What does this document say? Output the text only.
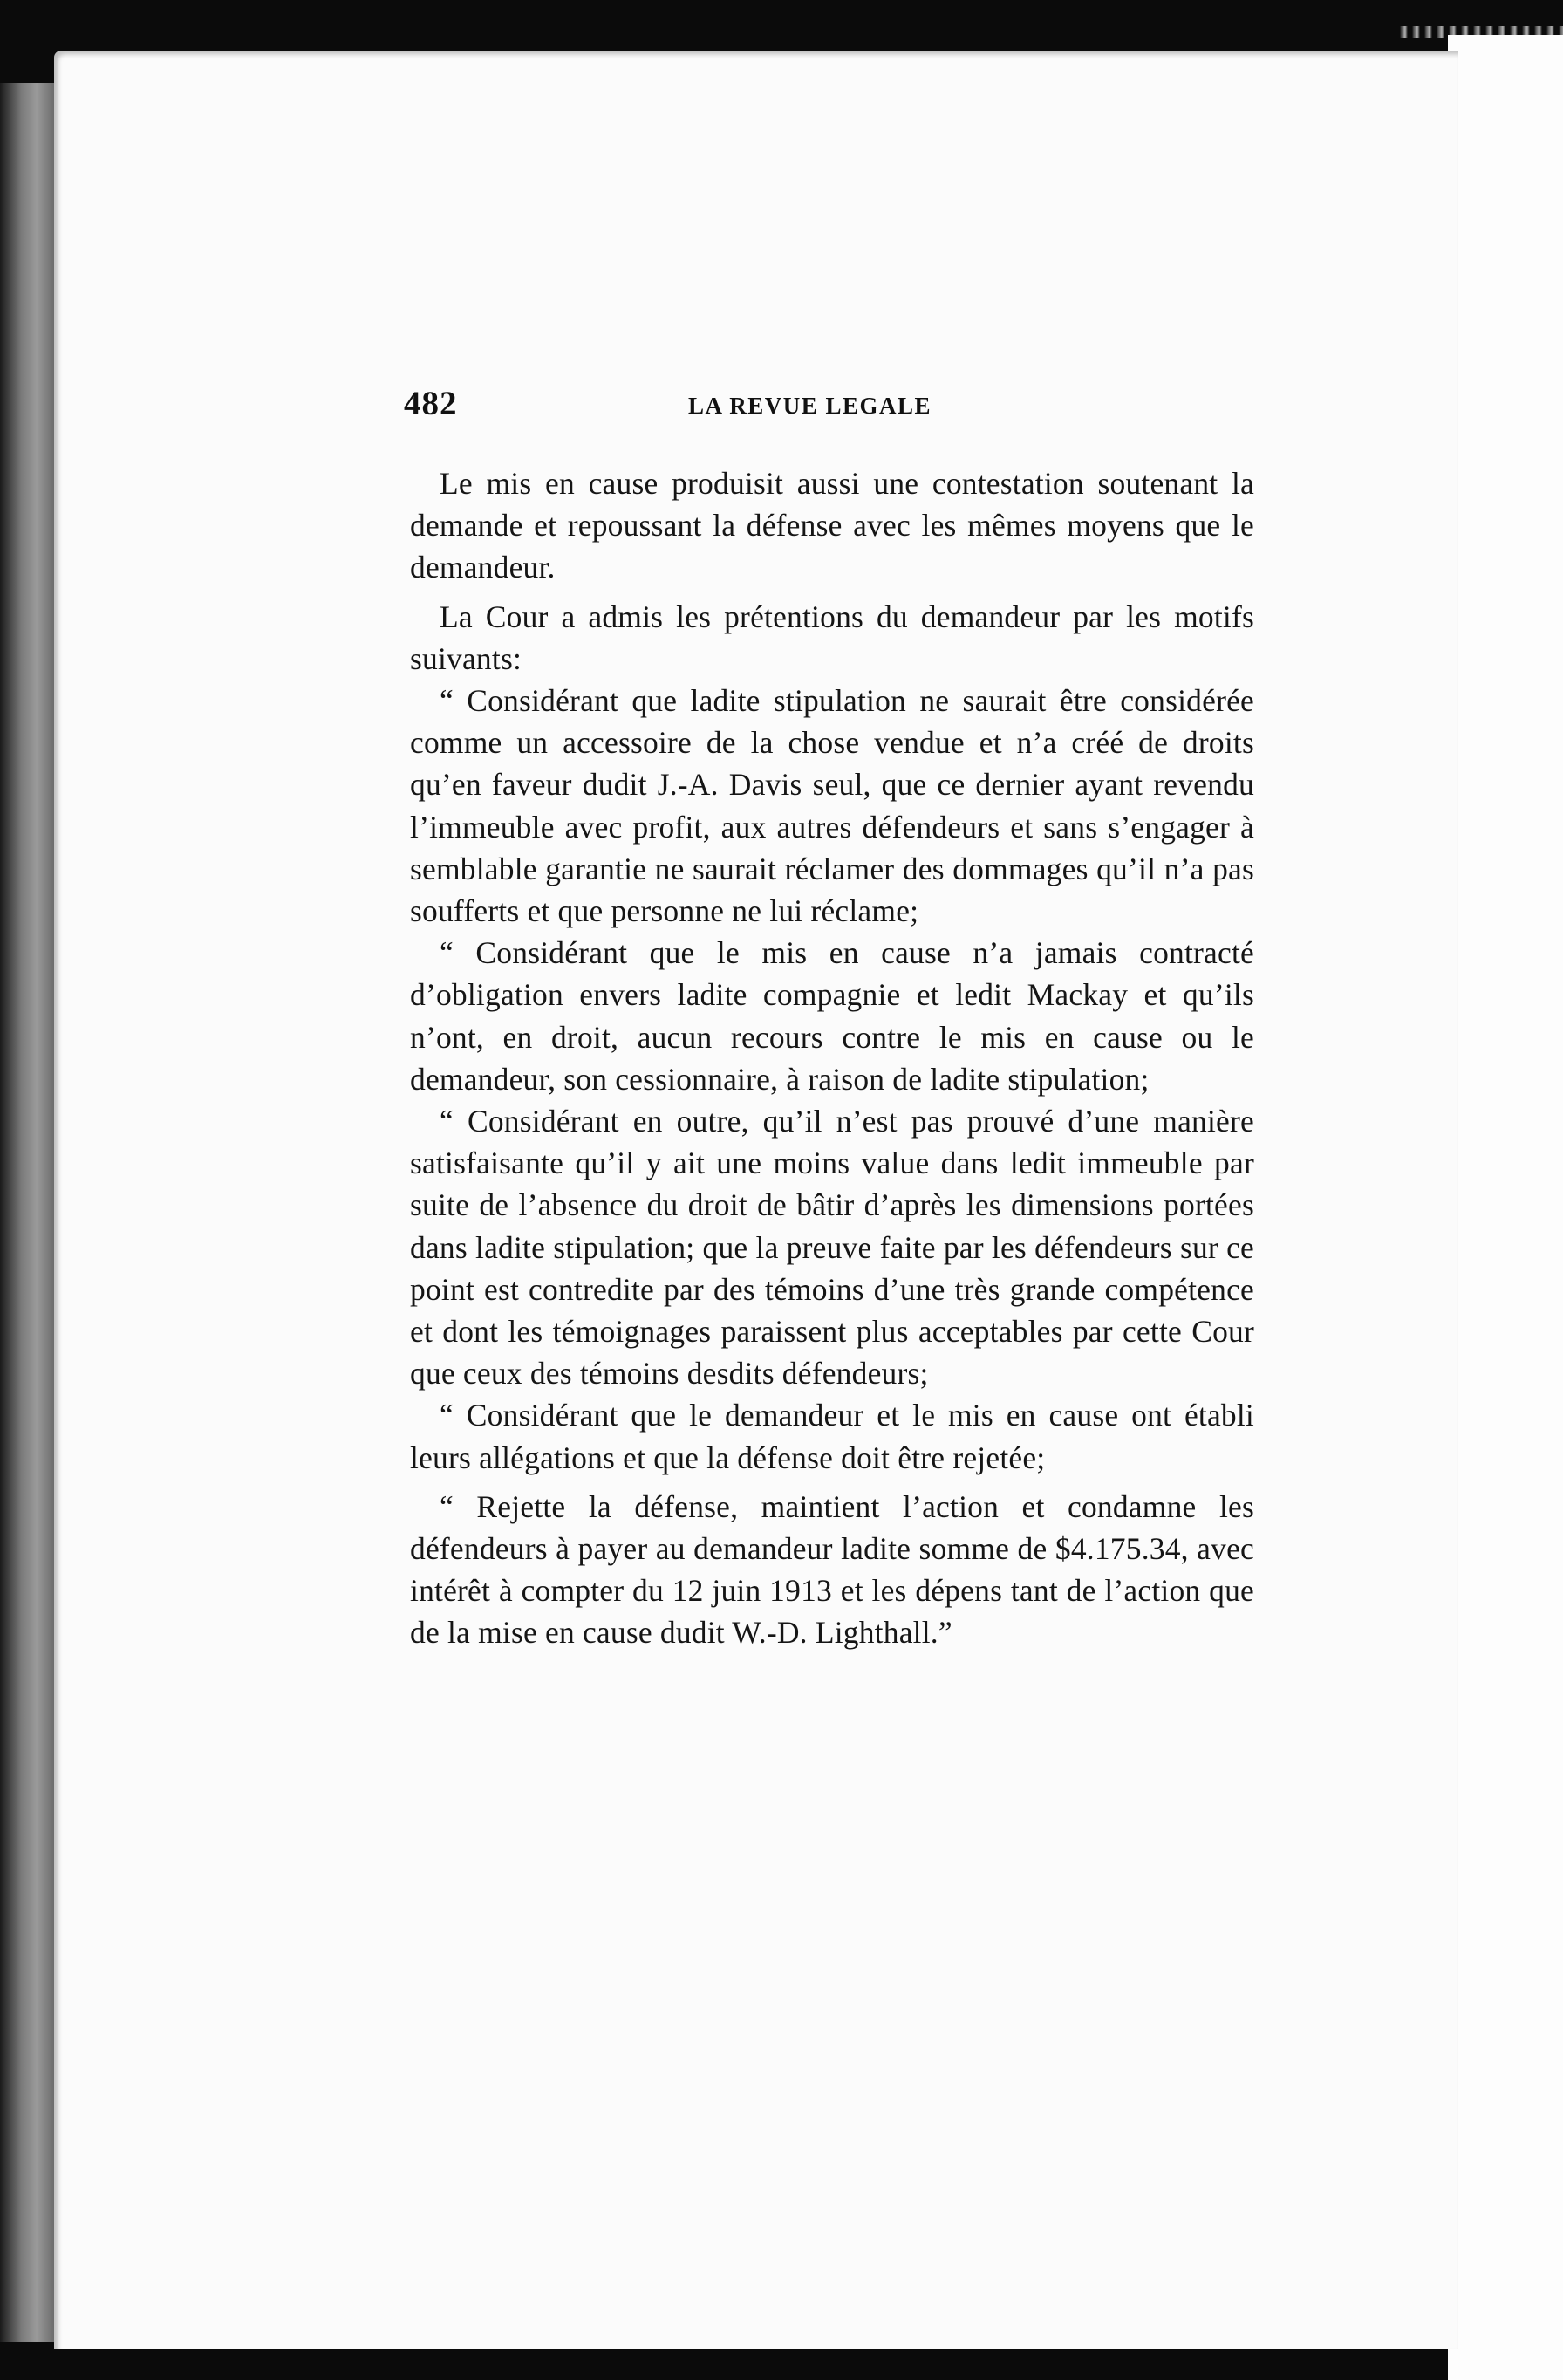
482	LA REVUE LEGALE

Le mis en cause produisit aussi une contestation soutenant la demande et repoussant la défense avec les mêmes moyens que le demandeur.

La Cour a admis les prétentions du demandeur par les motifs suivants:

“ Considérant que ladite stipulation ne saurait être considérée comme un accessoire de la chose vendue et n’a créé de droits qu’en faveur dudit J.-A. Davis seul, que ce dernier ayant revendu l’immeuble avec profit, aux autres défendeurs et sans s’engager à semblable garantie ne saurait réclamer des dommages qu’il n’a pas soufferts et que personne ne lui réclame;

“ Considérant que le mis en cause n’a jamais contracté d’obligation envers ladite compagnie et ledit Mackay et qu’ils n’ont, en droit, aucun recours contre le mis en cause ou le demandeur, son cessionnaire, à raison de ladite stipulation;

“ Considérant en outre, qu’il n’est pas prouvé d’une manière satisfaisante qu’il y ait une moins value dans ledit immeuble par suite de l’absence du droit de bâtir d’après les dimensions portées dans ladite stipulation; que la preuve faite par les défendeurs sur ce point est contredite par des témoins d’une très grande compétence et dont les témoignages paraissent plus acceptables par cette Cour que ceux des témoins desdits défendeurs;

“ Considérant que le demandeur et le mis en cause ont établi leurs allégations et que la défense doit être rejetée;

“ Rejette la défense, maintient l’action et condamne les défendeurs à payer au demandeur ladite somme de $4.175.34, avec intérêt à compter du 12 juin 1913 et les dépens tant de l’action que de la mise en cause dudit W.-D. Lighthall.”
